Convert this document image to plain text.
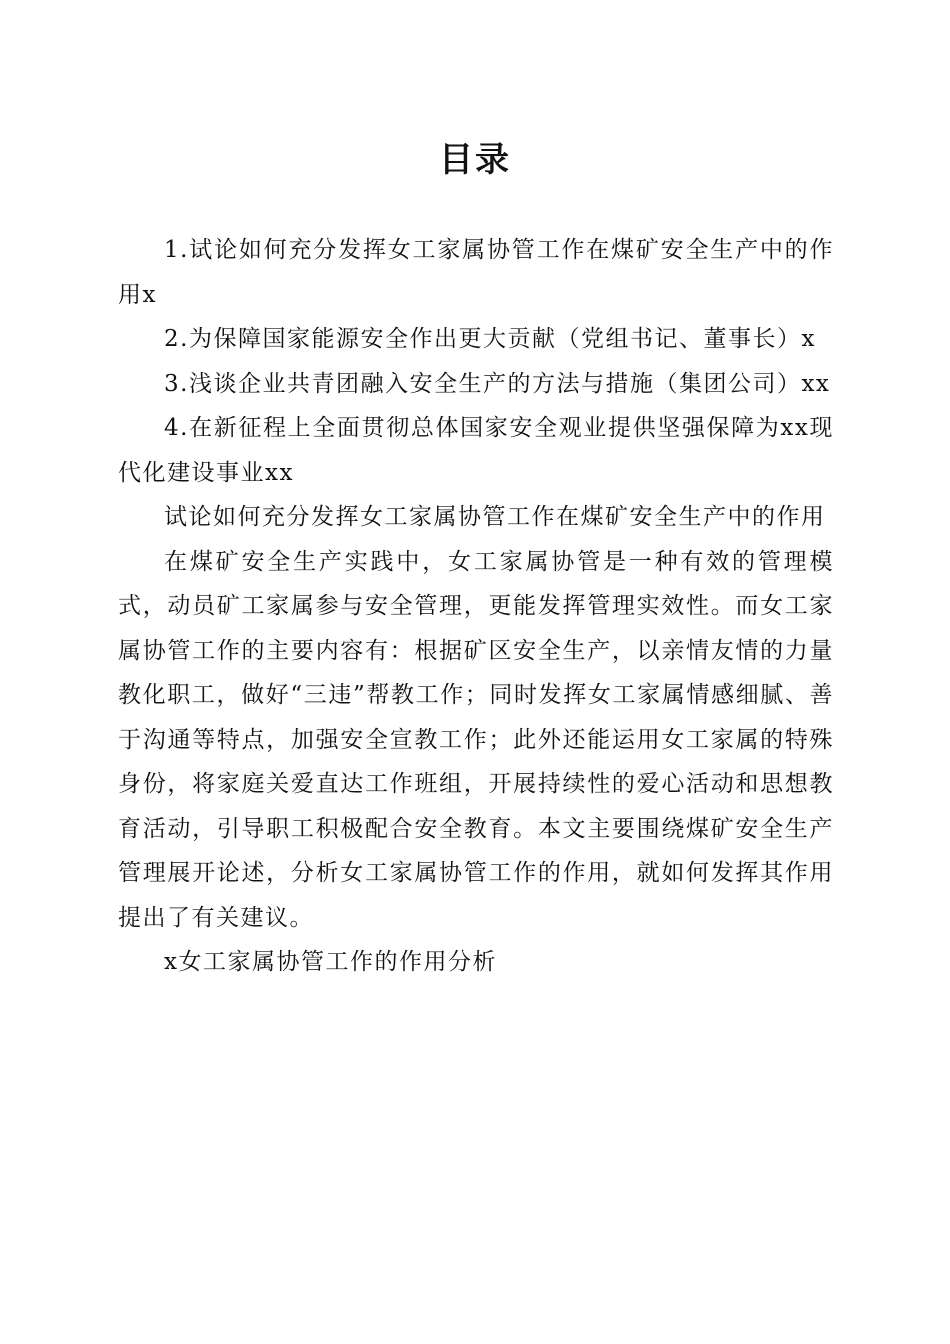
目录

1.试论如何充分发挥女工家属协管工作在煤矿安全生产中的作用x

2.为保障国家能源安全作出更大贡献（党组书记、董事长）x

3.浅谈企业共青团融入安全生产的方法与措施（集团公司）xx

4.在新征程上全面贯彻总体国家安全观业提供坚强保障为xx现代化建设事业xx

试论如何充分发挥女工家属协管工作在煤矿安全生产中的作用

在煤矿安全生产实践中，女工家属协管是一种有效的管理模式，动员矿工家属参与安全管理，更能发挥管理实效性。而女工家属协管工作的主要内容有：根据矿区安全生产，以亲情友情的力量教化职工，做好“三违”帮教工作；同时发挥女工家属情感细腻、善于沟通等特点，加强安全宣教工作；此外还能运用女工家属的特殊身份，将家庭关爱直达工作班组，开展持续性的爱心活动和思想教育活动，引导职工积极配合安全教育。本文主要围绕煤矿安全生产管理展开论述，分析女工家属协管工作的作用，就如何发挥其作用提出了有关建议。

x女工家属协管工作的作用分析
